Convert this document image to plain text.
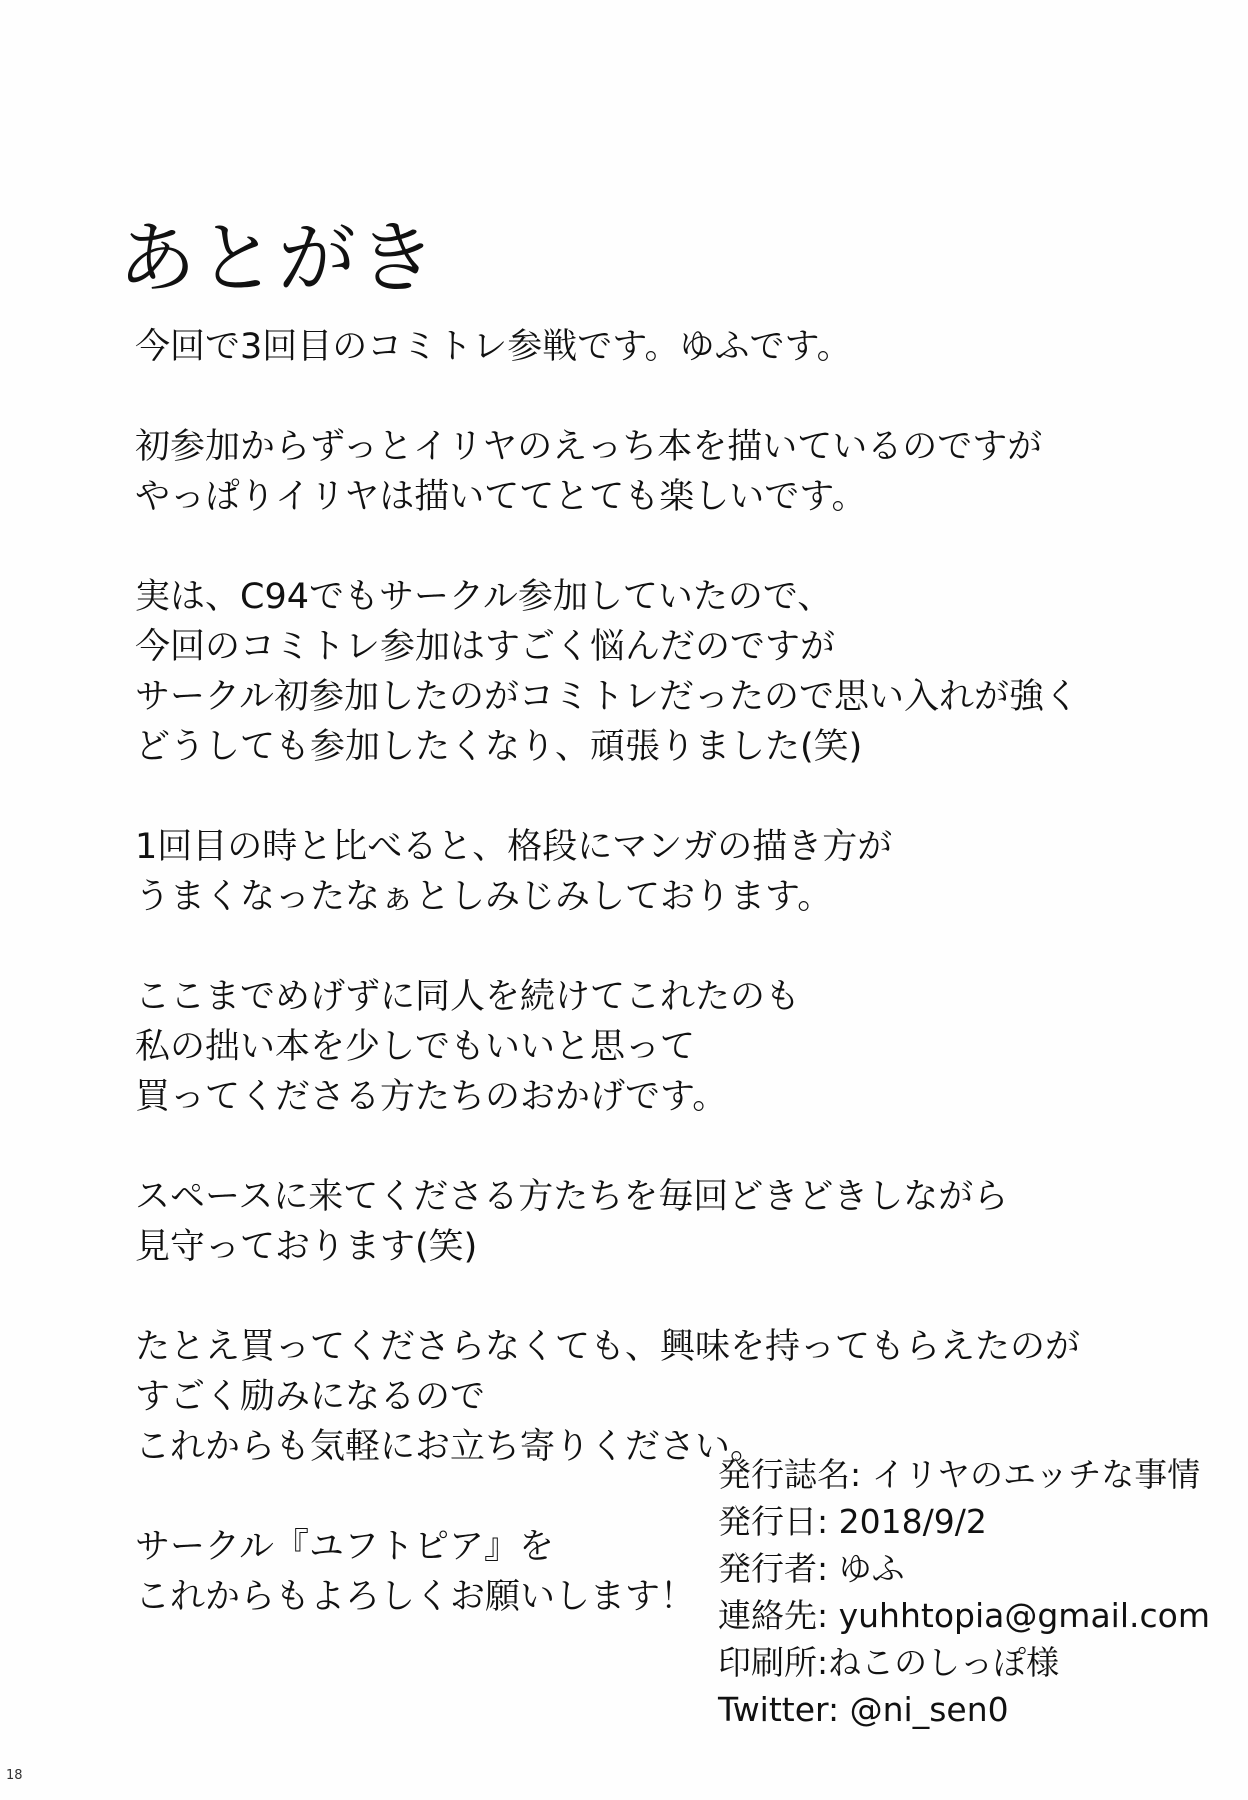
あとがき
今回で3回目のコミトレ参戦です。ゆふです。
初参加からずっとイリヤのえっち本を描いているのですが
やっぱりイリヤは描いててとても楽しいです。
実は、C94でもサークル参加していたので、
今回のコミトレ参加はすごく悩んだのですが
サークル初参加したのがコミトレだったので思い入れが強く
どうしても参加したくなり、頑張りました(笑)
1回目の時と比べると、格段にマンガの描き方が
うまくなったなぁとしみじみしております。
ここまでめげずに同人を続けてこれたのも
私の拙い本を少しでもいいと思って
買ってくださる方たちのおかげです。
スペースに来てくださる方たちを毎回どきどきしながら
見守っております(笑)
たとえ買ってくださらなくても、興味を持ってもらえたのが
すごく励みになるので
これからも気軽にお立ち寄りください。
サークル『ユフトピア』を
これからもよろしくお願いします！
発行誌名: イリヤのエッチな事情
発行日: 2018/9/2
発行者: ゆふ
連絡先: yuhhtopia@gmail.com
印刷所:ねこのしっぽ様
Twitter: @ni_sen0
18
